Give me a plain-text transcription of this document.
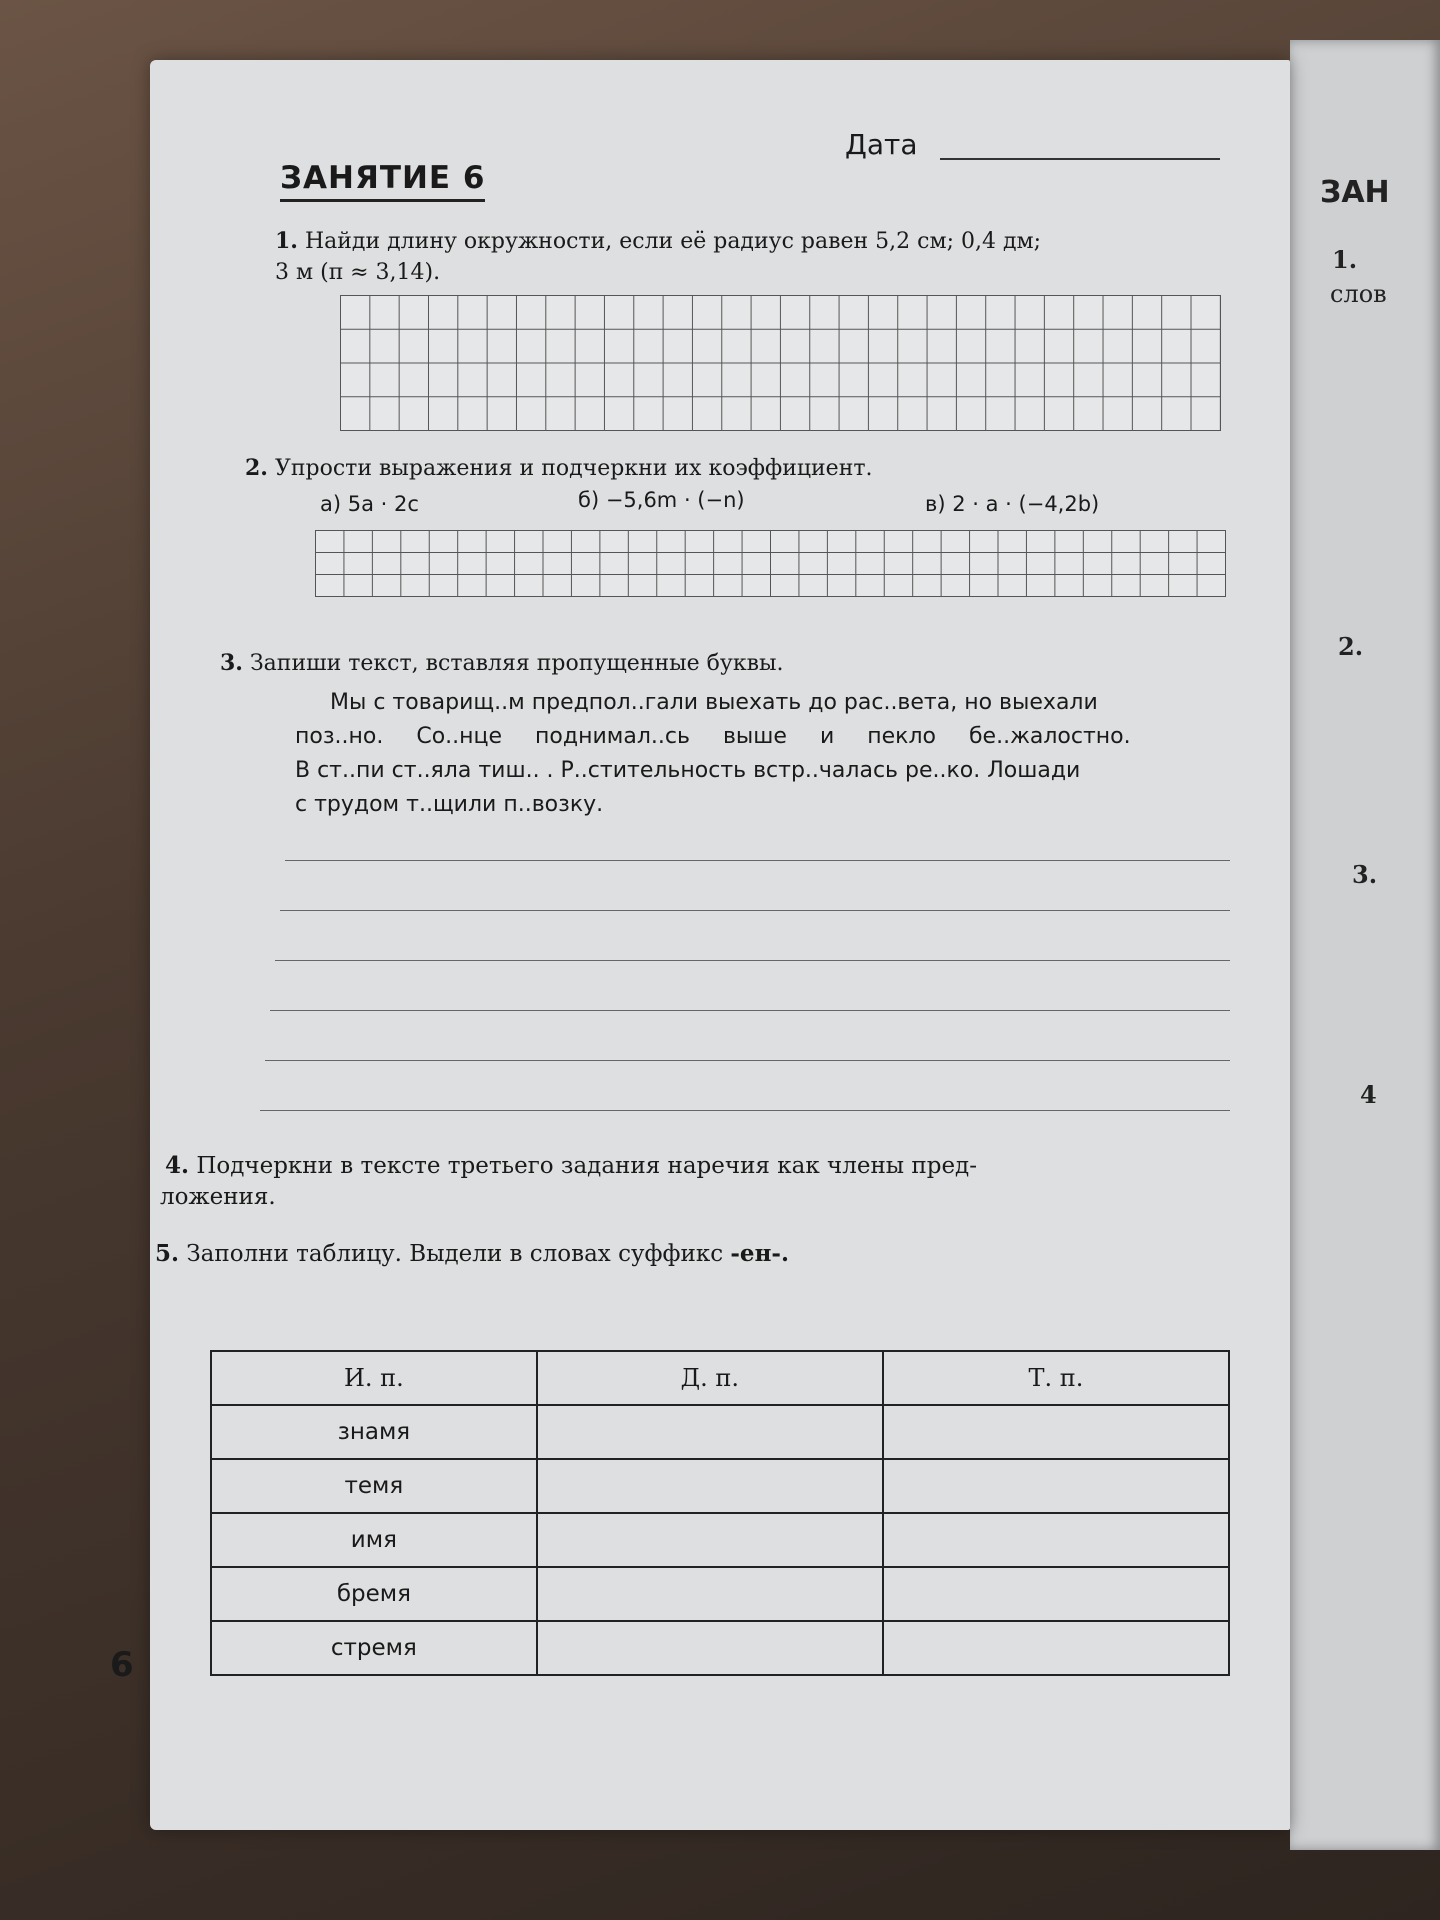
ЗАН
1.
слов
2.
3.
4
ЗАНЯТИЕ 6
Дата
1. Найди длину окружности, если её радиус равен 5,2 см; 0,4 дм;
3 м (π ≈ 3,14).
2. Упрости выражения и подчеркни их коэффициент.
а) 5a · 2c	б) −5,6m · (−n)	в) 2 · a · (−4,2b)
3. Запиши текст, вставляя пропущенные буквы.
Мы с товарищ..м предпол..гали выехать до рас..вета, но выехали
поз..но. Со..нце поднимал..сь выше и пекло бе..жалостно.
В ст..пи ст..яла тиш.. . Р..стительность встр..чалась ре..ко. Лошади
с трудом т..щили п..возку.
4. Подчеркни в тексте третьего задания наречия как члены пред-
ложения.
5. Заполни таблицу. Выдели в словах суффикс -ен-.
И. п.	Д. п.	Т. п.
знамя		
темя		
имя		
бремя		
стремя		
6
